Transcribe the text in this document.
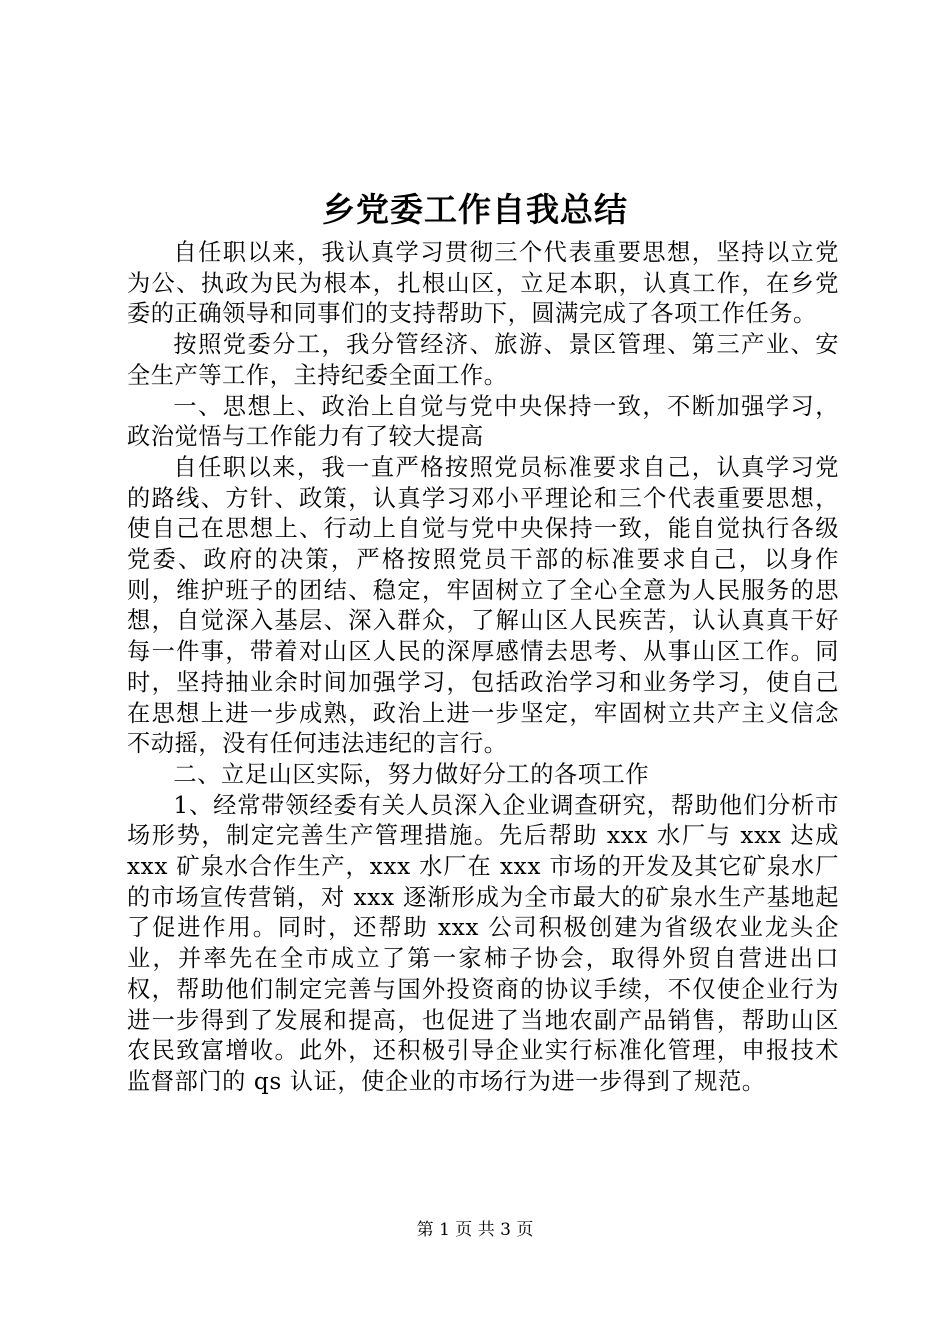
乡党委工作自我总结

自任职以来，我认真学习贯彻三个代表重要思想，坚持以立党为公、执政为民为根本，扎根山区，立足本职，认真工作，在乡党委的正确领导和同事们的支持帮助下，圆满完成了各项工作任务。

按照党委分工，我分管经济、旅游、景区管理、第三产业、安全生产等工作，主持纪委全面工作。

一、思想上、政治上自觉与党中央保持一致，不断加强学习，政治觉悟与工作能力有了较大提高

自任职以来，我一直严格按照党员标准要求自己，认真学习党的路线、方针、政策，认真学习邓小平理论和三个代表重要思想，使自己在思想上、行动上自觉与党中央保持一致，能自觉执行各级党委、政府的决策，严格按照党员干部的标准要求自己，以身作则，维护班子的团结、稳定，牢固树立了全心全意为人民服务的思想，自觉深入基层、深入群众，了解山区人民疾苦，认认真真干好每一件事，带着对山区人民的深厚感情去思考、从事山区工作。同时，坚持抽业余时间加强学习，包括政治学习和业务学习，使自己在思想上进一步成熟，政治上进一步坚定，牢固树立共产主义信念不动摇，没有任何违法违纪的言行。

二、立足山区实际，努力做好分工的各项工作

1、经常带领经委有关人员深入企业调查研究，帮助他们分析市场形势，制定完善生产管理措施。先后帮助 xxx 水厂与 xxx 达成 xxx 矿泉水合作生产，xxx 水厂在 xxx 市场的开发及其它矿泉水厂的市场宣传营销，对 xxx 逐渐形成为全市最大的矿泉水生产基地起了促进作用。同时，还帮助 xxx 公司积极创建为省级农业龙头企业，并率先在全市成立了第一家柿子协会，取得外贸自营进出口权，帮助他们制定完善与国外投资商的协议手续，不仅使企业行为进一步得到了发展和提高，也促进了当地农副产品销售，帮助山区农民致富增收。此外，还积极引导企业实行标准化管理，申报技术监督部门的 qs 认证，使企业的市场行为进一步得到了规范。

第 1 页 共 3 页
